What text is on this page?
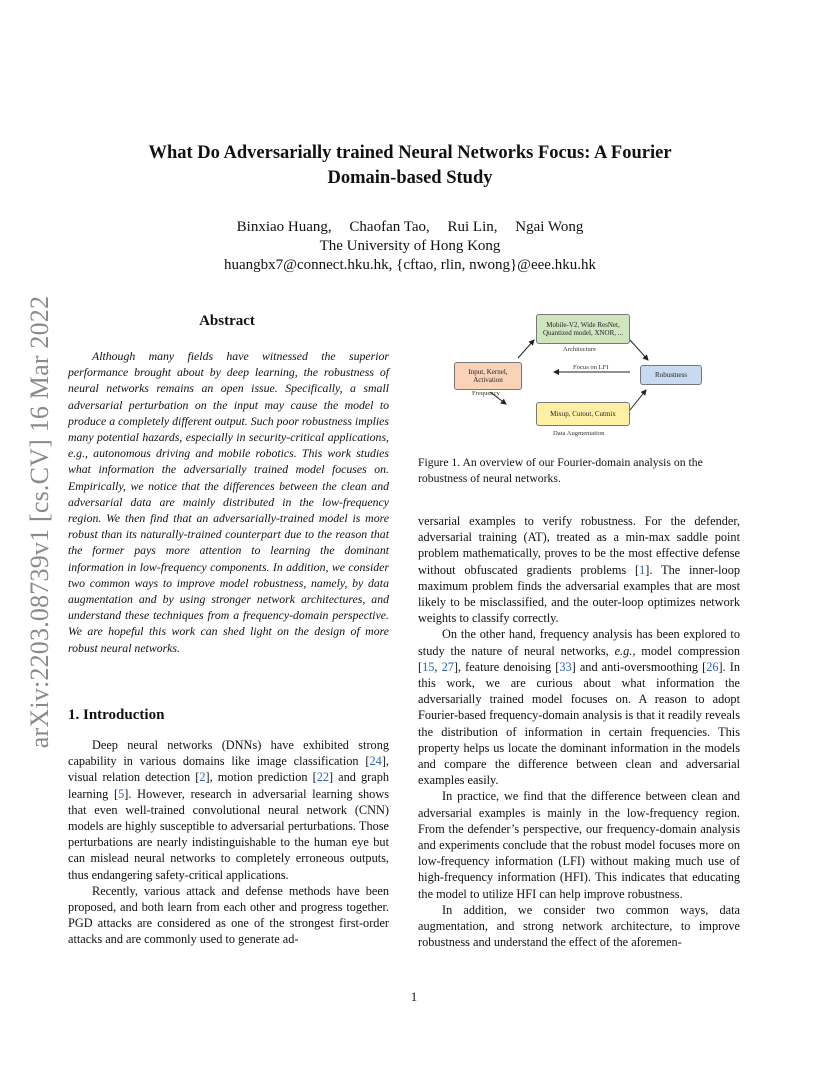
arXiv:2203.08739v1 [cs.CV] 16 Mar 2022
What Do Adversarially trained Neural Networks Focus: A Fourier
Domain-based Study
Binxiao Huang, Chaofan Tao, Rui Lin, Ngai Wong
The University of Hong Kong
huangbx7@connect.hku.hk, {cftao, rlin, nwong}@eee.hku.hk
Abstract

Although many fields have witnessed the superior performance brought about by deep learning, the robustness of neural networks remains an open issue. Specifically, a small adversarial perturbation on the input may cause the model to produce a completely different output. Such poor robustness implies many potential hazards, especially in security-critical applications, e.g., autonomous driving and mobile robotics. This work studies what information the adversarially trained model focuses on. Empirically, we notice that the differences between the clean and adversarial data are mainly distributed in the low-frequency region. We then find that an adversarially-trained model is more robust than its naturally-trained counterpart due to the reason that the former pays more attention to learning the dominant information in low-frequency components. In addition, we consider two common ways to improve model robustness, namely, by data augmentation and by using stronger network architectures, and understand these techniques from a frequency-domain perspective. We are hopeful this work can shed light on the design of more robust neural networks.

1. Introduction

Deep neural networks (DNNs) have exhibited strong capability in various domains like image classification [24], visual relation detection [2], motion prediction [22] and graph learning [5]. However, research in adversarial learning shows that even well-trained convolutional neural network (CNN) models are highly susceptible to adversarial perturbations. Those perturbations are nearly indistinguishable to the human eye but can mislead neural networks to completely erroneous outputs, thus endangering safety-critical applications.

Recently, various attack and defense methods have been proposed, and both learn from each other and progress together. PGD attacks are considered as one of the strongest first-order attacks and are commonly used to generate ad-

Mobile-V2, Wide ResNet, Quantized model, XNOR, ...
Architecture
Input, Kernel, Activation
Frequency
Focus on LFI
Robustness
Mixup, Cutout, Cutmix
Data Augmentation
Figure 1. An overview of our Fourier-domain analysis on the robustness of neural networks.

versarial examples to verify robustness. For the defender, adversarial training (AT), treated as a min-max saddle point problem mathematically, proves to be the most effective defense without obfuscated gradients problems [1]. The inner-loop maximum problem finds the adversarial examples that are most likely to be misclassified, and the outer-loop optimizes network weights to classify correctly.

On the other hand, frequency analysis has been explored to study the nature of neural networks, e.g., model compression [15, 27], feature denoising [33] and anti-oversmoothing [26]. In this work, we are curious about what information the adversarially trained model focuses on. A reason to adopt Fourier-based frequency-domain analysis is that it readily reveals the distribution of information in certain frequencies. This property helps us locate the dominant information in the models and compare the difference between clean and adversarial examples easily.

In practice, we find that the difference between clean and adversarial examples is mainly in the low-frequency region. From the defender’s perspective, our frequency-domain analysis and experiments conclude that the robust model focuses more on low-frequency information (LFI) without making much use of high-frequency information (HFI). This indicates that educating the model to utilize HFI can help improve robustness.

In addition, we consider two common ways, data augmentation, and strong network architecture, to improve robustness and understand the effect of the aforemen-

1
